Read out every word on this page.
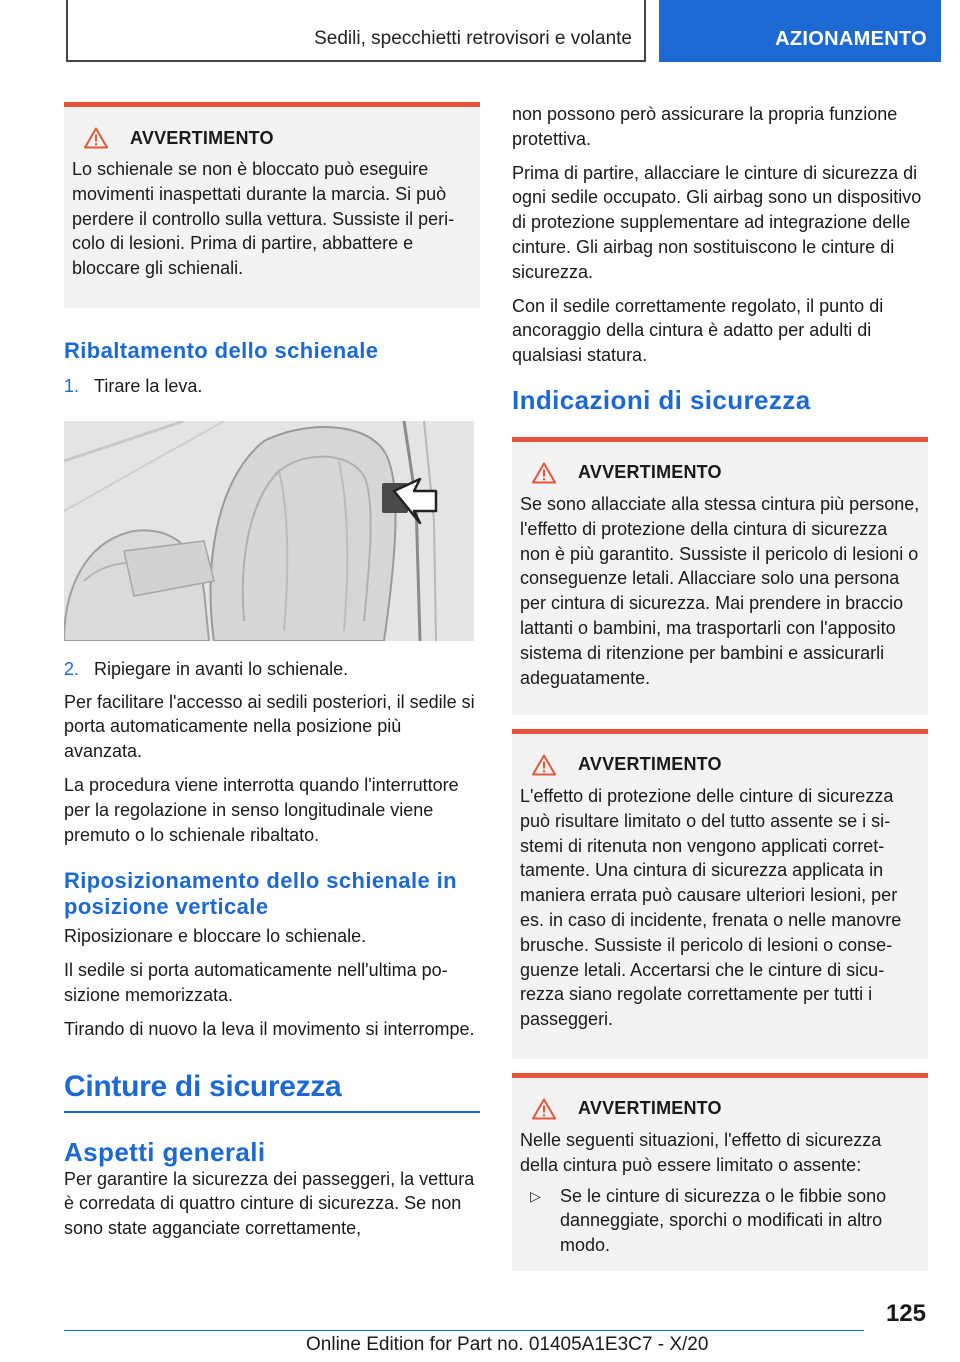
Sedili, specchietti retrovisori e volante	AZIONAMENTO
AVVERTIMENTO

Lo schienale se non è bloccato può eseguire movimenti inaspettati durante la marcia. Si può perdere il controllo sulla vettura. Sussiste il pericolo di lesioni. Prima di partire, abbattere e bloccare gli schienali.

Ribaltamento dello schienale
1. Tirare la leva.
2. Ripiegare in avanti lo schienale.

Per facilitare l'accesso ai sedili posteriori, il sedile si porta automaticamente nella posizione più avanzata.

La procedura viene interrotta quando l'interruttore per la regolazione in senso longitudinale viene premuto o lo schienale ribaltato.

Riposizionamento dello schienale in posizione verticale

Riposizionare e bloccare lo schienale.

Il sedile si porta automaticamente nell'ultima posizione memorizzata.

Tirando di nuovo la leva il movimento si interrompe.

Cinture di sicurezza
Aspetti generali

Per garantire la sicurezza dei passeggeri, la vettura è corredata di quattro cinture di sicurezza. Se non sono state agganciate correttamente,

non possono però assicurare la propria funzione protettiva.

Prima di partire, allacciare le cinture di sicurezza di ogni sedile occupato. Gli airbag sono un dispositivo di protezione supplementare ad integrazione delle cinture. Gli airbag non sostituiscono le cinture di sicurezza.

Con il sedile correttamente regolato, il punto di ancoraggio della cintura è adatto per adulti di qualsiasi statura.

Indicazioni di sicurezza
AVVERTIMENTO

Se sono allacciate alla stessa cintura più persone, l'effetto di protezione della cintura di sicurezza non è più garantito. Sussiste il pericolo di lesioni o conseguenze letali. Allacciare solo una persona per cintura di sicurezza. Mai prendere in braccio lattanti o bambini, ma trasportarli con l'apposito sistema di ritenzione per bambini e assicurarli adeguatamente.

AVVERTIMENTO

L'effetto di protezione delle cinture di sicurezza può risultare limitato o del tutto assente se i sistemi di ritenuta non vengono applicati correttamente. Una cintura di sicurezza applicata in maniera errata può causare ulteriori lesioni, per es. in caso di incidente, frenata o nelle manovre brusche. Sussiste il pericolo di lesioni o conseguenze letali. Accertarsi che le cinture di sicurezza siano regolate correttamente per tutti i passeggeri.

AVVERTIMENTO

Nelle seguenti situazioni, l'effetto di sicurezza della cintura può essere limitato o assente:

▷	Se le cinture di sicurezza o le fibbie sono danneggiate, sporchi o modificati in altro modo.
125
Online Edition for Part no. 01405A1E3C7 - X/20
